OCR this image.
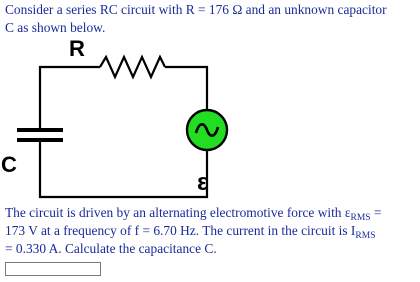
Consider a series RC circuit with R = 176 Ω and an unknown capacitor
C as shown below.
R
C
ε
The circuit is driven by an alternating electromotive force with $\varepsilon_{RMS}$ =
173 V at a frequency of f = 6.70 Hz. The current in the circuit is $I_{RMS}$
= 0.330 A. Calculate the capacitance C.
